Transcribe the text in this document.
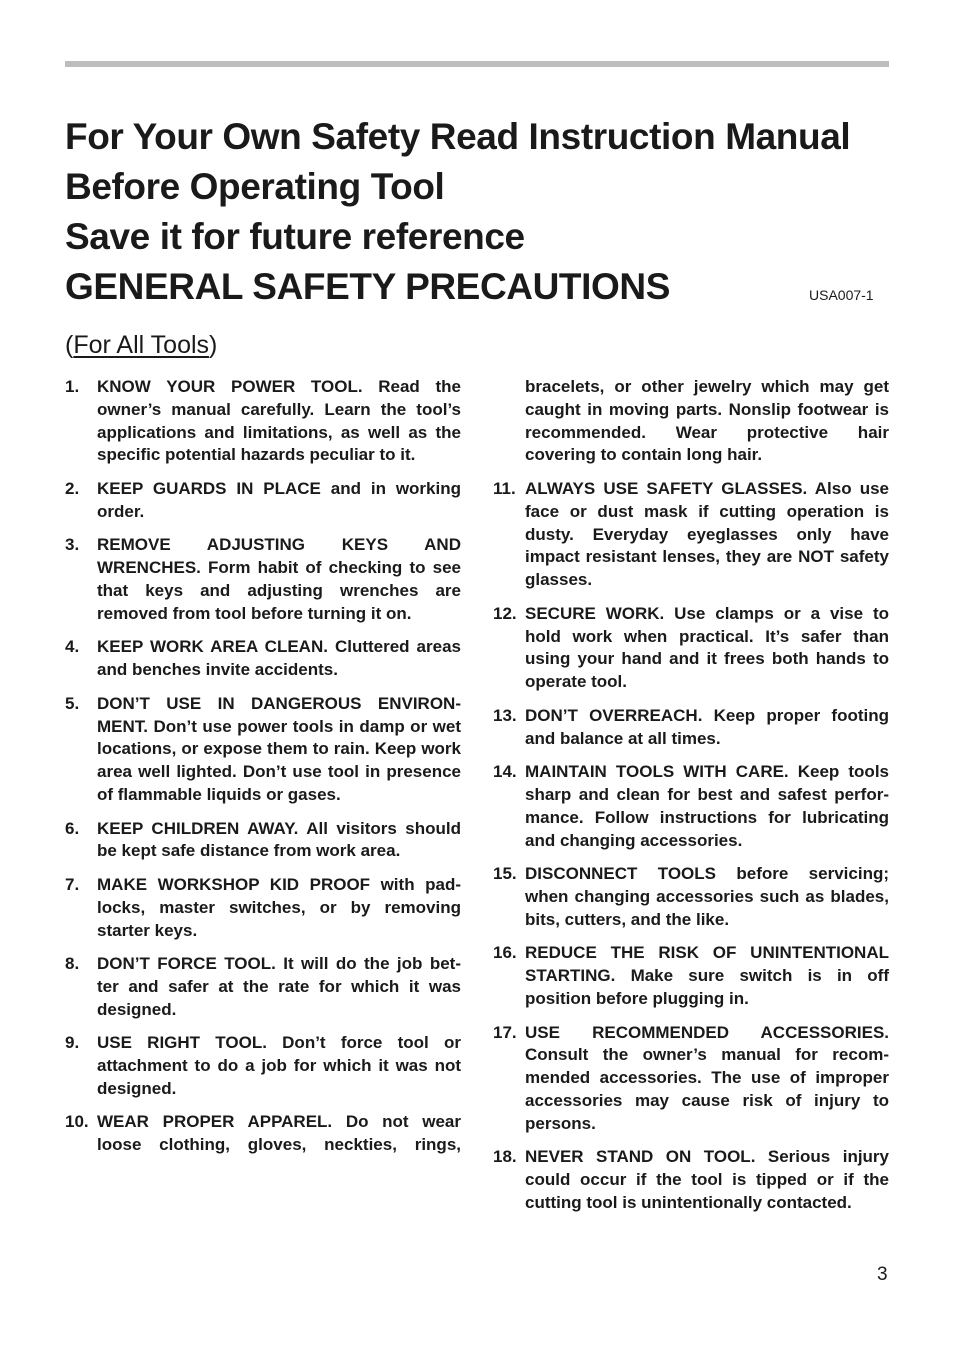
For Your Own Safety Read Instruction Manual
Before Operating Tool
Save it for future reference
GENERAL SAFETY PRECAUTIONS	USA007-1
(For All Tools)
1. KNOW YOUR POWER TOOL. Read the owner’s manual carefully. Learn the tool’s applications and limitations, as well as the specific potential hazards peculiar to it.
2. KEEP GUARDS IN PLACE and in working order.
3. REMOVE ADJUSTING KEYS AND WRENCHES. Form habit of checking to see that keys and adjusting wrenches are removed from tool before turning it on.
4. KEEP WORK AREA CLEAN. Cluttered areas and benches invite accidents.
5. DON’T USE IN DANGEROUS ENVIRON-MENT. Don’t use power tools in damp or wet locations, or expose them to rain. Keep work area well lighted. Don’t use tool in presence of flammable liquids or gases.
6. KEEP CHILDREN AWAY. All visitors should be kept safe distance from work area.
7. MAKE WORKSHOP KID PROOF with pad-locks, master switches, or by removing starter keys.
8. DON’T FORCE TOOL. It will do the job bet-ter and safer at the rate for which it was designed.
9. USE RIGHT TOOL. Don’t force tool or attachment to do a job for which it was not designed.
10. WEAR PROPER APPAREL. Do not wear loose clothing, gloves, neckties, rings,
bracelets, or other jewelry which may get caught in moving parts. Nonslip footwear is recommended. Wear protective hair covering to contain long hair.
11. ALWAYS USE SAFETY GLASSES. Also use face or dust mask if cutting operation is dusty. Everyday eyeglasses only have impact resistant lenses, they are NOT safety glasses.
12. SECURE WORK. Use clamps or a vise to hold work when practical. It’s safer than using your hand and it frees both hands to operate tool.
13. DON’T OVERREACH. Keep proper footing and balance at all times.
14. MAINTAIN TOOLS WITH CARE. Keep tools sharp and clean for best and safest perfor-mance. Follow instructions for lubricating and changing accessories.
15. DISCONNECT TOOLS before servicing; when changing accessories such as blades, bits, cutters, and the like.
16. REDUCE THE RISK OF UNINTENTIONAL STARTING. Make sure switch is in off position before plugging in.
17. USE RECOMMENDED ACCESSORIES. Consult the owner’s manual for recom-mended accessories. The use of improper accessories may cause risk of injury to persons.
18. NEVER STAND ON TOOL. Serious injury could occur if the tool is tipped or if the cutting tool is unintentionally contacted.
3
